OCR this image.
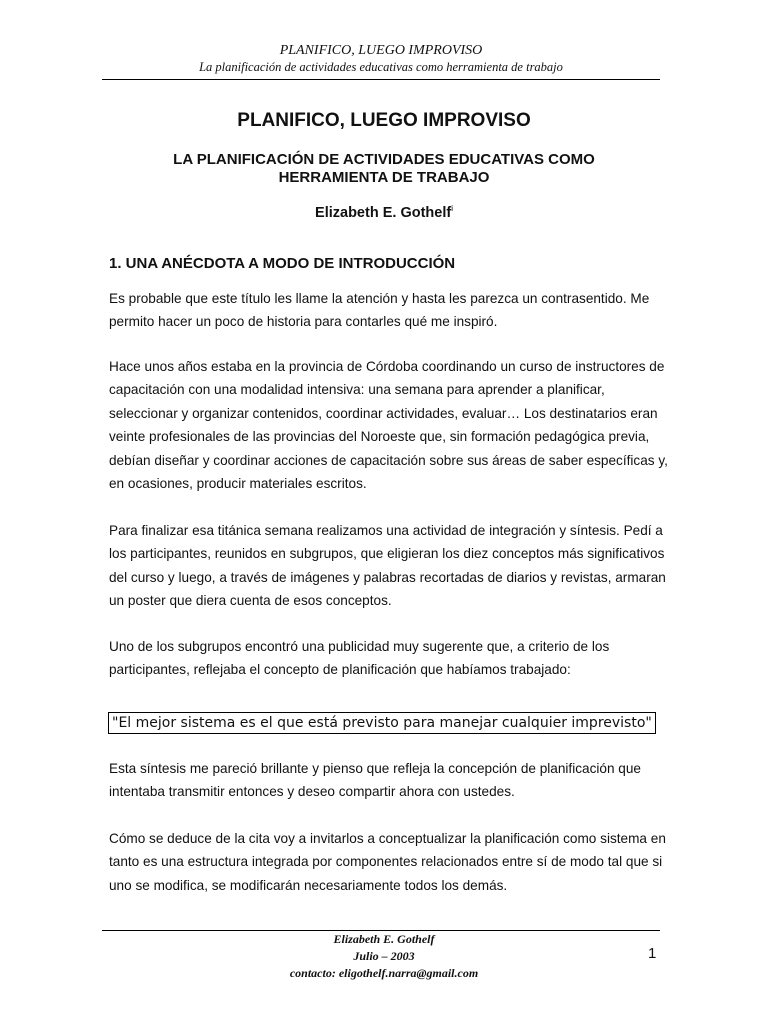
PLANIFICO, LUEGO IMPROVISO
La planificación de actividades educativas como herramienta de trabajo
PLANIFICO, LUEGO IMPROVISO
LA PLANIFICACIÓN DE ACTIVIDADES EDUCATIVAS COMO
HERRAMIENTA DE TRABAJO
Elizabeth E. Gothelf$^i$
1. UNA ANÉCDOTA A MODO DE INTRODUCCIÓN

Es probable que este título les llame la atención y hasta les parezca un contrasentido. Me permito hacer un poco de historia para contarles qué me inspiró.

Hace unos años estaba en la provincia de Córdoba coordinando un curso de instructores de capacitación con una modalidad intensiva: una semana para aprender a planificar, seleccionar y organizar contenidos, coordinar actividades, evaluar… Los destinatarios eran veinte profesionales de las provincias del Noroeste que, sin formación pedagógica previa, debían diseñar y coordinar acciones de capacitación sobre sus áreas de saber específicas y, en ocasiones, producir materiales escritos.

Para finalizar esa titánica semana realizamos una actividad de integración y síntesis. Pedí a los participantes, reunidos en subgrupos, que eligieran los diez conceptos más significativos del curso y luego, a través de imágenes y palabras recortadas de diarios y revistas, armaran un poster que diera cuenta de esos conceptos.

Uno de los subgrupos encontró una publicidad muy sugerente que, a criterio de los participantes, reflejaba el concepto de planificación que habíamos trabajado:

"El mejor sistema es el que está previsto para manejar cualquier imprevisto"

Esta síntesis me pareció brillante y pienso que refleja la concepción de planificación que intentaba transmitir entonces y deseo compartir ahora con ustedes.

Cómo se deduce de la cita voy a invitarlos a conceptualizar la planificación como sistema en tanto es una estructura integrada por componentes relacionados entre sí de modo tal que si uno se modifica, se modificarán necesariamente todos los demás.

Elizabeth E. Gothelf
Julio – 2003
contacto: eligothelf.narra@gmail.com
1
